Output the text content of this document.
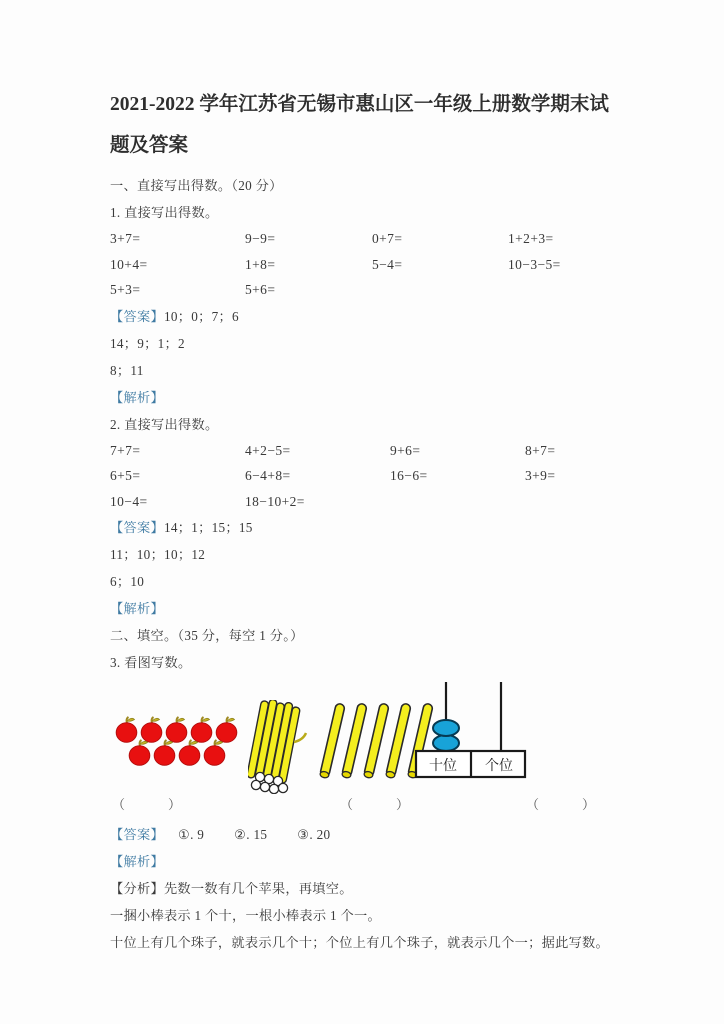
2021-2022 学年江苏省无锡市惠山区一年级上册数学期末试
题及答案

一、直接写出得数。（20 分）

1. 直接写出得数。

3+7=	9−9=	0+7=	1+2+3=
10+4=	1+8=	5−4=	10−3−5=
5+3=	5+6=

【答案】10；0；7；6

14；9；1；2

8；11

【解析】

2. 直接写出得数。

7+7=	4+2−5=	9+6=	8+7=
6+5=	6−4+8=	16−6=	3+9=
10−4=	18−10+2=

【答案】14；1；15；15

11；10；10；12

6；10

【解析】

二、填空。（35 分，每空 1 分。）

3. 看图写数。

十位 个位
（　　　）	（　　　）	（　　　）

【答案】 ①. 9 ②. 15 ③. 20

【解析】

【分析】先数一数有几个苹果，再填空。

一捆小棒表示 1 个十，一根小棒表示 1 个一。

十位上有几个珠子，就表示几个十；个位上有几个珠子，就表示几个一；据此写数。
